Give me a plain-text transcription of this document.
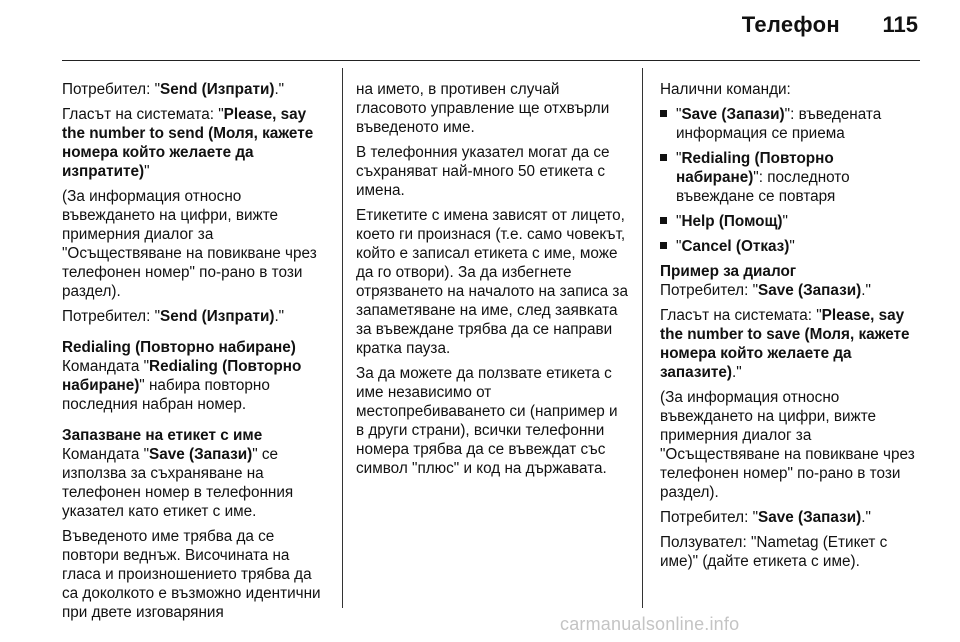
Телефон 115

Потребител: "Send (Изпрати)."

Гласът на системата: "Please, say the number to send (Моля, кажете номера който желаете да изпратите)"

(За информация относно въвеждането на цифри, вижте примерния диалог за "Осъществяване на повикване чрез телефонен номер" по-рано в този раздел).

Потребител: "Send (Изпрати)."

Redialing (Повторно набиране)

Командата "Redialing (Повторно набиране)" набира повторно последния набран номер.

Запазване на етикет с име

Командата "Save (Запази)" се използва за съхраняване на телефонен номер в телефонния указател като етикет с име.

Въведеното име трябва да се повтори веднъж. Височината на гласа и произношението трябва да са доколкото е възможно идентични при двете изговаряния

на името, в противен случай гласовото управление ще отхвърли въведеното име.

В телефонния указател могат да се съхраняват най-много 50 етикета с имена.

Етикетите с имена зависят от лицето, което ги произнася (т.е. само човекът, който е записал етикета с име, може да го отвори). За да избегнете отрязването на началото на записа за запаметяване на име, след заявката за въвеждане трябва да се направи кратка пауза.

За да можете да ползвате етикета с име независимо от местопребиваването си (например и в други страни), всички телефонни номера трябва да се въвеждат със символ "плюс" и код на държавата.

Налични команди:

"Save (Запази)": въведената информация се приема
"Redialing (Повторно набиране)": последното въвеждане се повтаря
"Help (Помощ)"
"Cancel (Отказ)"
Пример за диалог

Потребител: "Save (Запази)."

Гласът на системата: "Please, say the number to save (Моля, кажете номера който желаете да запазите)."

(За информация относно въвеждането на цифри, вижте примерния диалог за "Осъществяване на повикване чрез телефонен номер" по-рано в този раздел).

Потребител: "Save (Запази)."

Ползувател: "Nametag (Етикет с име)" (дайте етикета с име).

carmanualsonline.info
